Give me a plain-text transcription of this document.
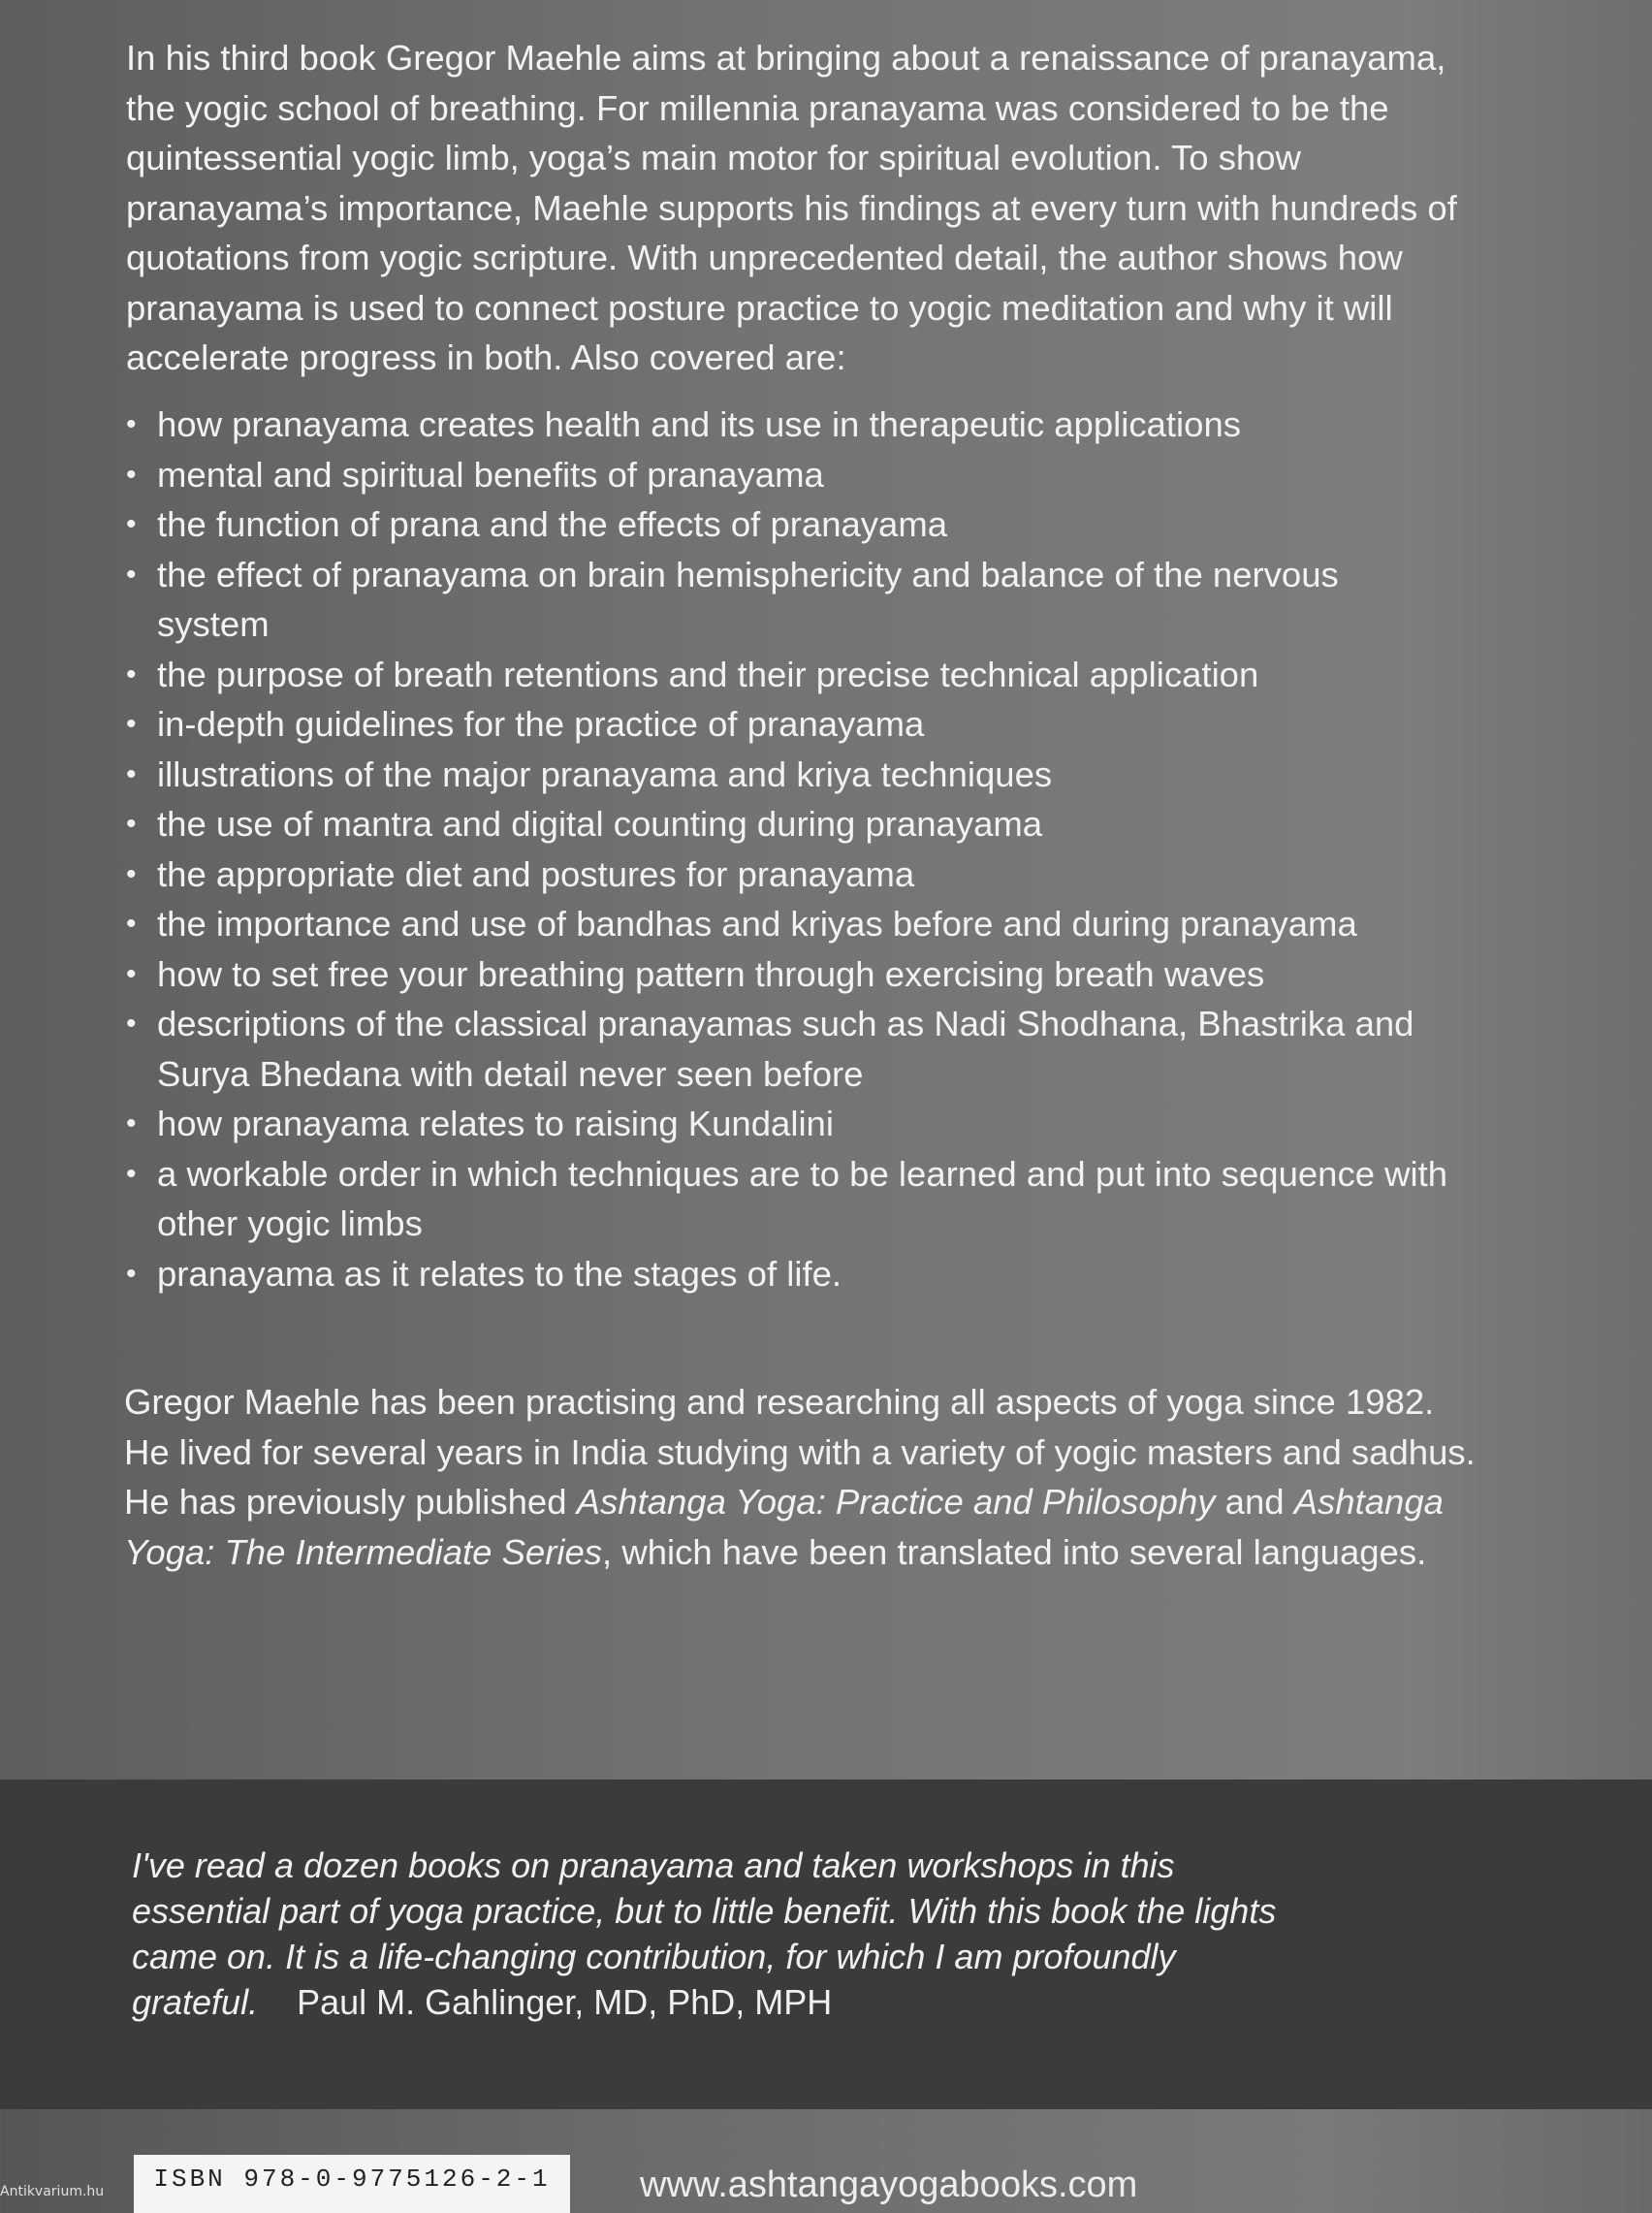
In his third book Gregor Maehle aims at bringing about a renaissance of pranayama, the yogic school of breathing. For millennia pranayama was considered to be the quintessential yogic limb, yoga’s main motor for spiritual evolution. To show pranayama’s importance, Maehle supports his findings at every turn with hundreds of quotations from yogic scripture. With unprecedented detail, the author shows how pranayama is used to connect posture practice to yogic meditation and why it will accelerate progress in both. Also covered are:

• how pranayama creates health and its use in therapeutic applications
• mental and spiritual benefits of pranayama
• the function of prana and the effects of pranayama
• the effect of pranayama on brain hemisphericity and balance of the nervous system
• the purpose of breath retentions and their precise technical application
• in-depth guidelines for the practice of pranayama
• illustrations of the major pranayama and kriya techniques
• the use of mantra and digital counting during pranayama
• the appropriate diet and postures for pranayama
• the importance and use of bandhas and kriyas before and during pranayama
• how to set free your breathing pattern through exercising breath waves
• descriptions of the classical pranayamas such as Nadi Shodhana, Bhastrika and Surya Bhedana with detail never seen before
• how pranayama relates to raising Kundalini
• a workable order in which techniques are to be learned and put into sequence with other yogic limbs
• pranayama as it relates to the stages of life.

Gregor Maehle has been practising and researching all aspects of yoga since 1982. He lived for several years in India studying with a variety of yogic masters and sadhus. He has previously published Ashtanga Yoga: Practice and Philosophy and Ashtanga Yoga: The Intermediate Series, which have been translated into several languages.

I've read a dozen books on pranayama and taken workshops in this essential part of yoga practice, but to little benefit. With this book the lights came on. It is a life-changing contribution, for which I am profoundly grateful. Paul M. Gahlinger, MD, PhD, MPH

ISBN 978-0-9775126-2-1	www.ashtangayogabooks.com
Antikvarium.hu
